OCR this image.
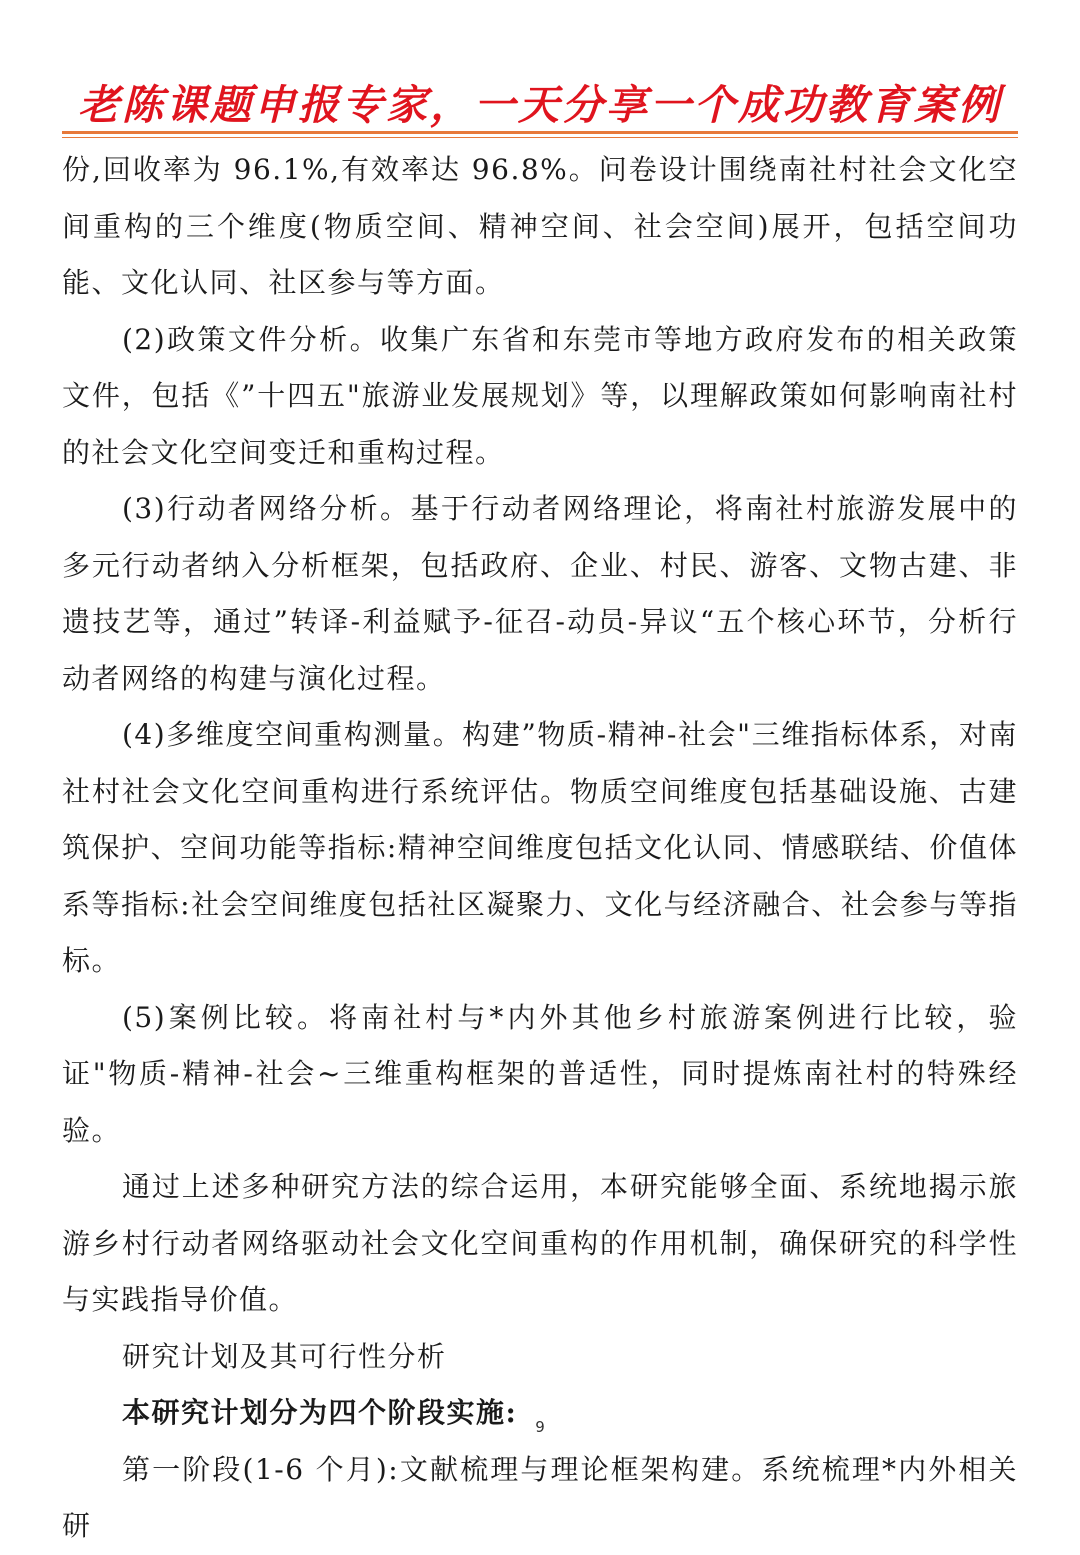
老陈课题申报专家，一天分享一个成功教育案例

份,回收率为 96.1%,有效率达 96.8%。问卷设计围绕南社村社会文化空间重构的三个维度(物质空间、精神空间、社会空间)展开，包括空间功能、文化认同、社区参与等方面。

(2)政策文件分析。收集广东省和东莞市等地方政府发布的相关政策文件，包括《”十四五"旅游业发展规划》等，以理解政策如何影响南社村的社会文化空间变迁和重构过程。

(3)行动者网络分析。基于行动者网络理论，将南社村旅游发展中的多元行动者纳入分析框架，包括政府、企业、村民、游客、文物古建、非遗技艺等，通过”转译-利益赋予-征召-动员-异议“五个核心环节，分析行动者网络的构建与演化过程。

(4)多维度空间重构测量。构建”物质-精神-社会"三维指标体系，对南社村社会文化空间重构进行系统评估。物质空间维度包括基础设施、古建筑保护、空间功能等指标:精神空间维度包括文化认同、情感联结、价值体系等指标:社会空间维度包括社区凝聚力、文化与经济融合、社会参与等指标。

(5)案例比较。将南社村与*内外其他乡村旅游案例进行比较，验证"物质-精神-社会~三维重构框架的普适性，同时提炼南社村的特殊经验。

通过上述多种研究方法的综合运用，本研究能够全面、系统地揭示旅游乡村行动者网络驱动社会文化空间重构的作用机制，确保研究的科学性与实践指导价值。

研究计划及其可行性分析

本研究计划分为四个阶段实施:

第一阶段(1-6 个月):文献梳理与理论框架构建。系统梳理*内外相关研

9
